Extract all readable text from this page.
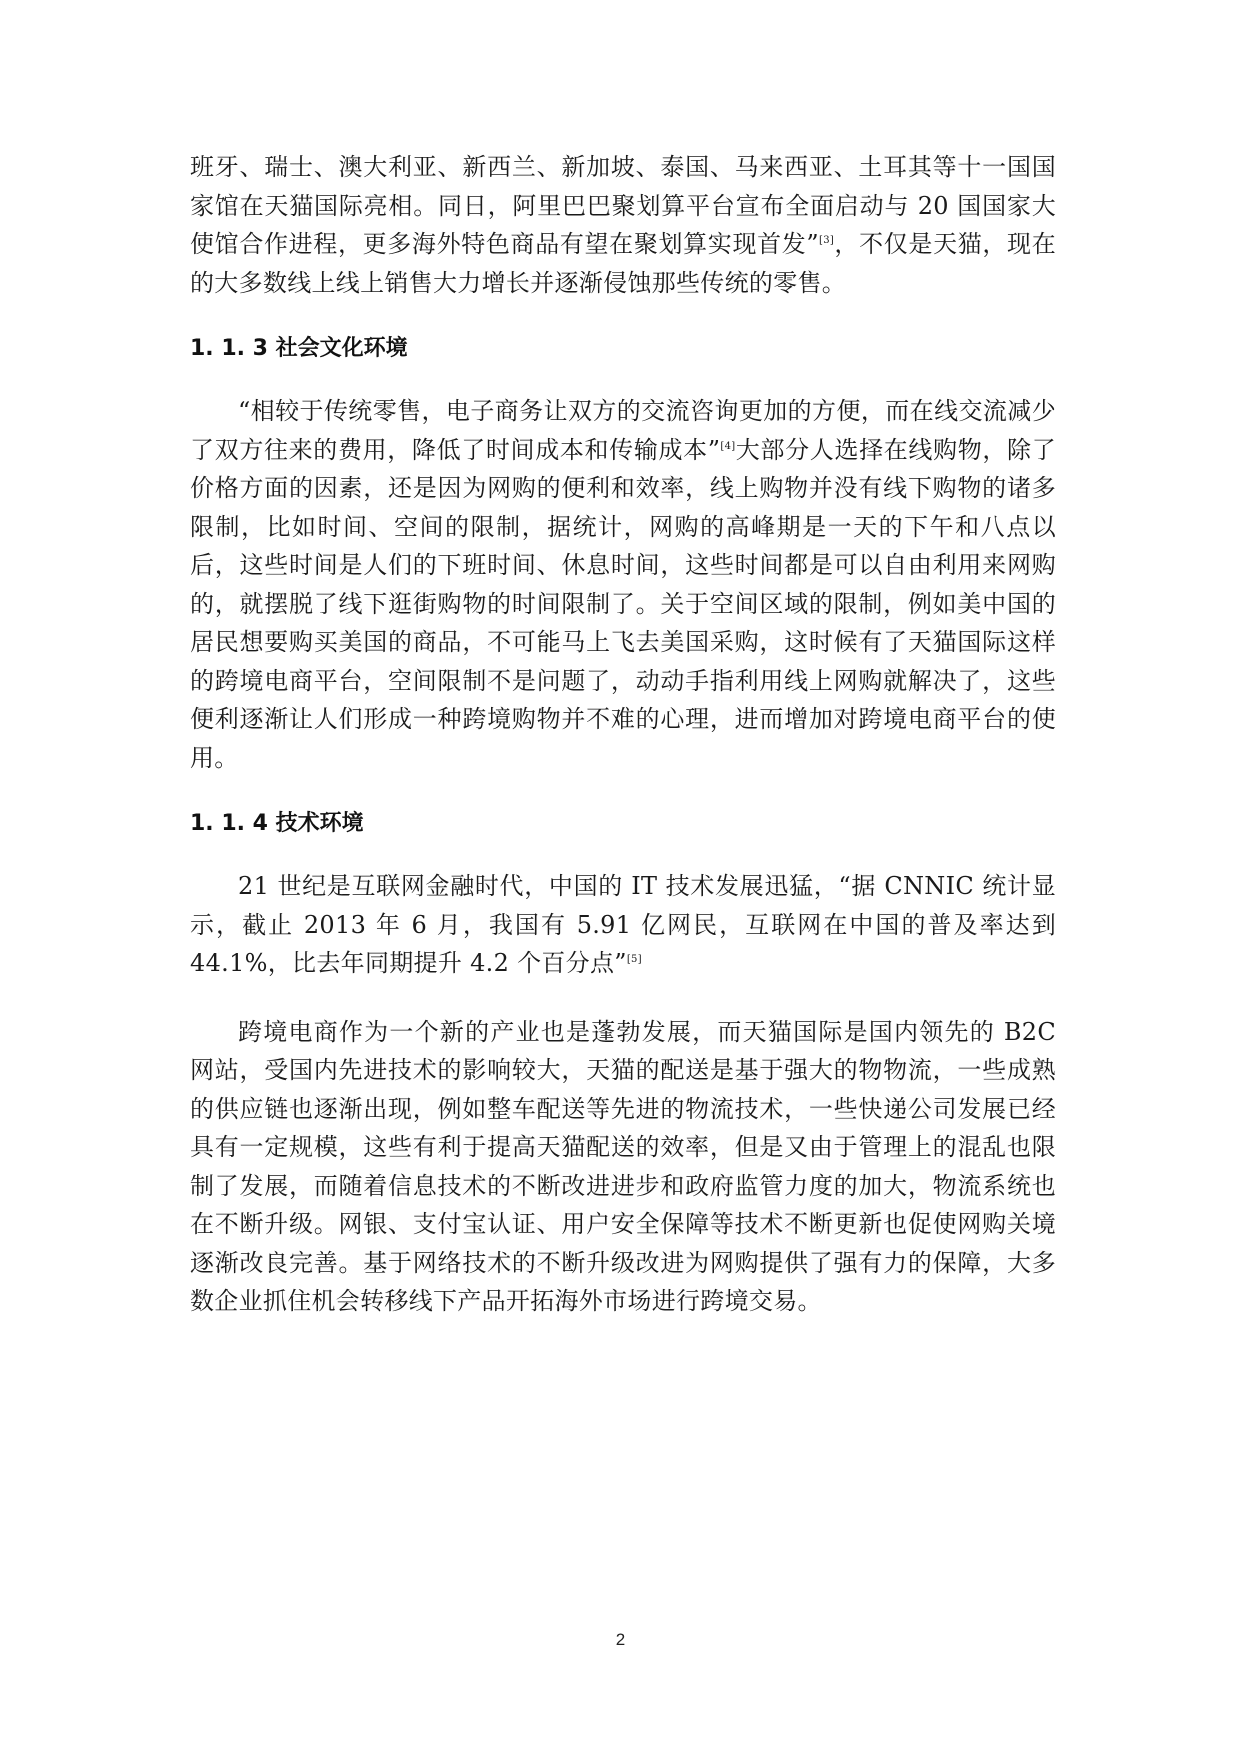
班牙、瑞士、澳大利亚、新西兰、新加坡、泰国、马来西亚、土耳其等十一国国家馆在天猫国际亮相。同日，阿里巴巴聚划算平台宣布全面启动与 20 国国家大使馆合作进程，更多海外特色商品有望在聚划算实现首发”[3]，不仅是天猫，现在的大多数线上线上销售大力增长并逐渐侵蚀那些传统的零售。

1. 1. 3 社会文化环境

“相较于传统零售，电子商务让双方的交流咨询更加的方便，而在线交流减少了双方往来的费用，降低了时间成本和传输成本”[4]大部分人选择在线购物，除了价格方面的因素，还是因为网购的便利和效率，线上购物并没有线下购物的诸多限制，比如时间、空间的限制，据统计，网购的高峰期是一天的下午和八点以后，这些时间是人们的下班时间、休息时间，这些时间都是可以自由利用来网购的，就摆脱了线下逛街购物的时间限制了。关于空间区域的限制，例如美中国的居民想要购买美国的商品，不可能马上飞去美国采购，这时候有了天猫国际这样的跨境电商平台，空间限制不是问题了，动动手指利用线上网购就解决了，这些便利逐渐让人们形成一种跨境购物并不难的心理，进而增加对跨境电商平台的使用。

1. 1. 4 技术环境

21 世纪是互联网金融时代，中国的 IT 技术发展迅猛，“据 CNNIC 统计显示，截止 2013 年 6 月，我国有 5.91 亿网民，互联网在中国的普及率达到 44.1%，比去年同期提升 4.2 个百分点”[5]

跨境电商作为一个新的产业也是蓬勃发展，而天猫国际是国内领先的 B2C 网站，受国内先进技术的影响较大，天猫的配送是基于强大的物物流，一些成熟的供应链也逐渐出现，例如整车配送等先进的物流技术，一些快递公司发展已经具有一定规模，这些有利于提高天猫配送的效率，但是又由于管理上的混乱也限制了发展，而随着信息技术的不断改进进步和政府监管力度的加大，物流系统也在不断升级。网银、支付宝认证、用户安全保障等技术不断更新也促使网购关境逐渐改良完善。基于网络技术的不断升级改进为网购提供了强有力的保障，大多数企业抓住机会转移线下产品开拓海外市场进行跨境交易。

2
